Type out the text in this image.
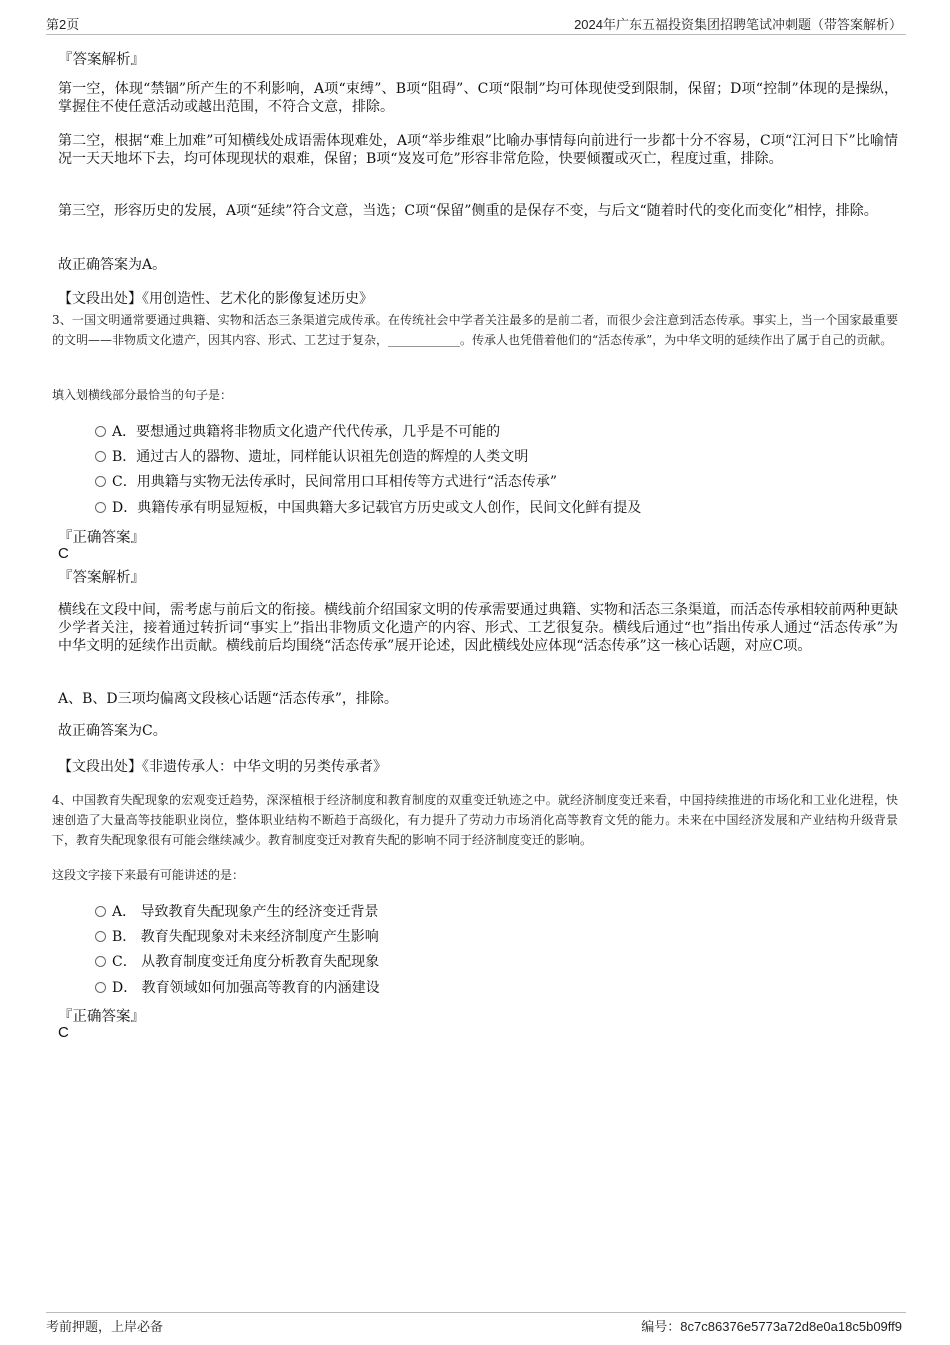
第2页	2024年广东五福投资集团招聘笔试冲刺题（带答案解析）
『答案解析』
第一空，体现“禁锢”所产生的不利影响，A项“束缚”、B项“阻碍”、C项“限制”均可体现使受到限制，保留；D项“控制”体现的是操纵，掌握住不使任意活动或越出范围，不符合文意，排除。
第二空，根据“难上加难”可知横线处成语需体现难处，A项“举步维艰”比喻办事情每向前进行一步都十分不容易，C项“江河日下”比喻情况一天天地坏下去，均可体现现状的艰难，保留；B项“岌岌可危”形容非常危险，快要倾覆或灭亡，程度过重，排除。
第三空，形容历史的发展，A项“延续”符合文意，当选；C项“保留”侧重的是保存不变，与后文“随着时代的变化而变化”相悖，排除。
故正确答案为A。
【文段出处】《用创造性、艺术化的影像复述历史》
3、一国文明通常要通过典籍、实物和活态三条渠道完成传承。在传统社会中学者关注最多的是前二者，而很少会注意到活态传承。事实上，当一个国家最重要的文明——非物质文化遗产，因其内容、形式、工艺过于复杂，____________。传承人也凭借着他们的“活态传承”，为中华文明的延续作出了属于自己的贡献。
填入划横线部分最恰当的句子是：
A．要想通过典籍将非物质文化遗产代代传承，几乎是不可能的
B．通过古人的器物、遗址，同样能认识祖先创造的辉煌的人类文明
C．用典籍与实物无法传承时，民间常用口耳相传等方式进行“活态传承”
D．典籍传承有明显短板，中国典籍大多记载官方历史或文人创作，民间文化鲜有提及
『正确答案』
C
『答案解析』
横线在文段中间，需考虑与前后文的衔接。横线前介绍国家文明的传承需要通过典籍、实物和活态三条渠道，而活态传承相较前两种更缺少学者关注，接着通过转折词“事实上”指出非物质文化遗产的内容、形式、工艺很复杂。横线后通过“也”指出传承人通过“活态传承”为中华文明的延续作出贡献。横线前后均围绕“活态传承”展开论述，因此横线处应体现“活态传承”这一核心话题，对应C项。
A、B、D三项均偏离文段核心话题“活态传承”，排除。
故正确答案为C。
【文段出处】《非遗传承人：中华文明的另类传承者》
4、中国教育失配现象的宏观变迁趋势，深深植根于经济制度和教育制度的双重变迁轨迹之中。就经济制度变迁来看，中国持续推进的市场化和工业化进程，快速创造了大量高等技能职业岗位，整体职业结构不断趋于高级化，有力提升了劳动力市场消化高等教育文凭的能力。未来在中国经济发展和产业结构升级背景下，教育失配现象很有可能会继续减少。教育制度变迁对教育失配的影响不同于经济制度变迁的影响。
这段文字接下来最有可能讲述的是：
A． 导致教育失配现象产生的经济变迁背景
B． 教育失配现象对未来经济制度产生影响
C． 从教育制度变迁角度分析教育失配现象
D． 教育领域如何加强高等教育的内涵建设
『正确答案』
C
考前押题，上岸必备	编号：8c7c86376e5773a72d8e0a18c5b09ff9
